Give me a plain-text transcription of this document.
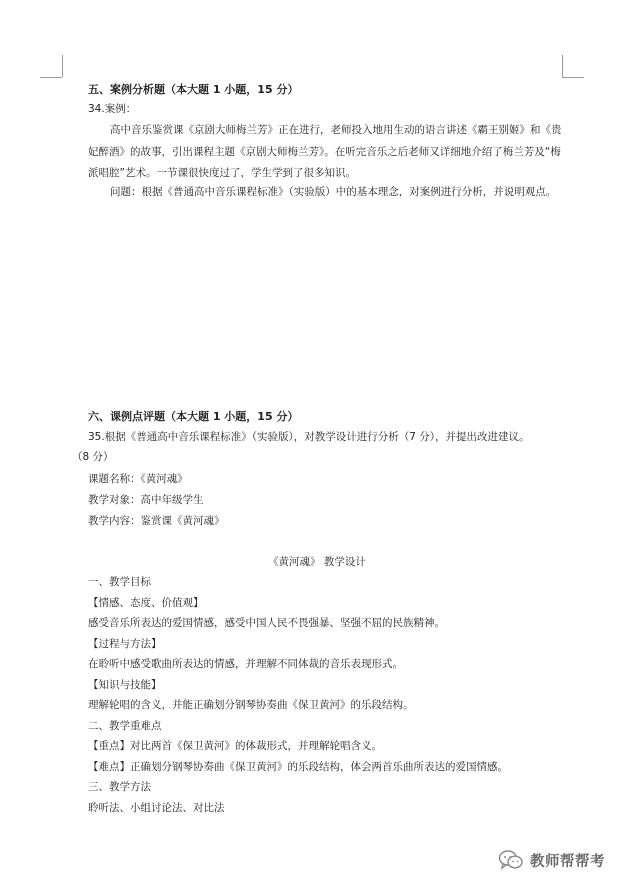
五、案例分析题（本大题 1 小题，15 分）
34.案例：
高中音乐鉴赏课《京剧大师梅兰芳》正在进行，老师投入地用生动的语言讲述《霸王别姬》和《贵
妃醉酒》的故事，引出课程主题《京剧大师梅兰芳》。在听完音乐之后老师又详细地介绍了梅兰芳及“梅
派唱腔”艺术。一节课很快度过了，学生学到了很多知识。
问题：根据《普通高中音乐课程标准》（实验版）中的基本理念，对案例进行分析，并说明观点。
六、课例点评题（本大题 1 小题，15 分）
35.根据《普通高中音乐课程标准》（实验版），对教学设计进行分析（7 分），并提出改进建议。
（8 分）
课题名称：《黄河魂》
教学对象：高中年级学生
教学内容：鉴赏课《黄河魂》
《黄河魂》 教学设计
一、教学目标
【情感、态度、价值观】
感受音乐所表达的爱国情感，感受中国人民不畏强暴、坚强不屈的民族精神。
【过程与方法】
在聆听中感受歌曲所表达的情感，并理解不同体裁的音乐表现形式。
【知识与技能】
理解轮唱的含义，并能正确划分钢琴协奏曲《保卫黄河》的乐段结构。
二、教学重难点
【重点】对比两首《保卫黄河》的体裁形式，并理解轮唱含义。
【难点】正确划分钢琴协奏曲《保卫黄河》的乐段结构，体会两首乐曲所表达的爱国情感。
三、教学方法
聆听法、小组讨论法、对比法
教师帮帮考
